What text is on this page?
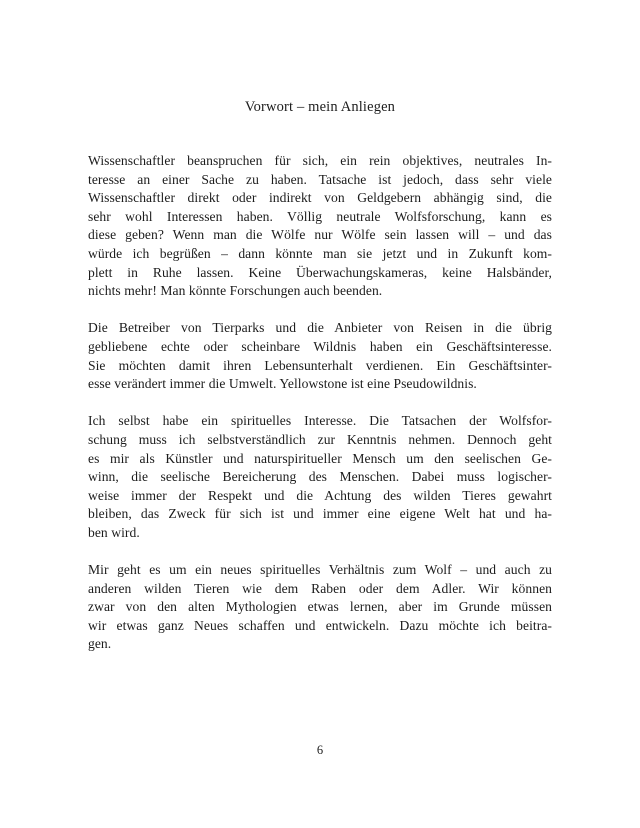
Vorwort – mein Anliegen

Wissenschaftler beanspruchen für sich, ein rein objektives, neutrales In-
teresse an einer Sache zu haben. Tatsache ist jedoch, dass sehr viele
Wissenschaftler direkt oder indirekt von Geldgebern abhängig sind, die
sehr wohl Interessen haben. Völlig neutrale Wolfsforschung, kann es
diese geben? Wenn man die Wölfe nur Wölfe sein lassen will – und das
würde ich begrüßen – dann könnte man sie jetzt und in Zukunft kom-
plett in Ruhe lassen. Keine Überwachungskameras, keine Halsbänder,
nichts mehr! Man könnte Forschungen auch beenden.

Die Betreiber von Tierparks und die Anbieter von Reisen in die übrig
gebliebene echte oder scheinbare Wildnis haben ein Geschäftsinteresse.
Sie möchten damit ihren Lebensunterhalt verdienen. Ein Geschäftsinter-
esse verändert immer die Umwelt. Yellowstone ist eine Pseudowildnis.

Ich selbst habe ein spirituelles Interesse. Die Tatsachen der Wolfsfor-
schung muss ich selbstverständlich zur Kenntnis nehmen. Dennoch geht
es mir als Künstler und naturspiritueller Mensch um den seelischen Ge-
winn, die seelische Bereicherung des Menschen. Dabei muss logischer-
weise immer der Respekt und die Achtung des wilden Tieres gewahrt
bleiben, das Zweck für sich ist und immer eine eigene Welt hat und ha-
ben wird.

Mir geht es um ein neues spirituelles Verhältnis zum Wolf – und auch zu
anderen wilden Tieren wie dem Raben oder dem Adler. Wir können
zwar von den alten Mythologien etwas lernen, aber im Grunde müssen
wir etwas ganz Neues schaffen und entwickeln. Dazu möchte ich beitra-
gen.

6
